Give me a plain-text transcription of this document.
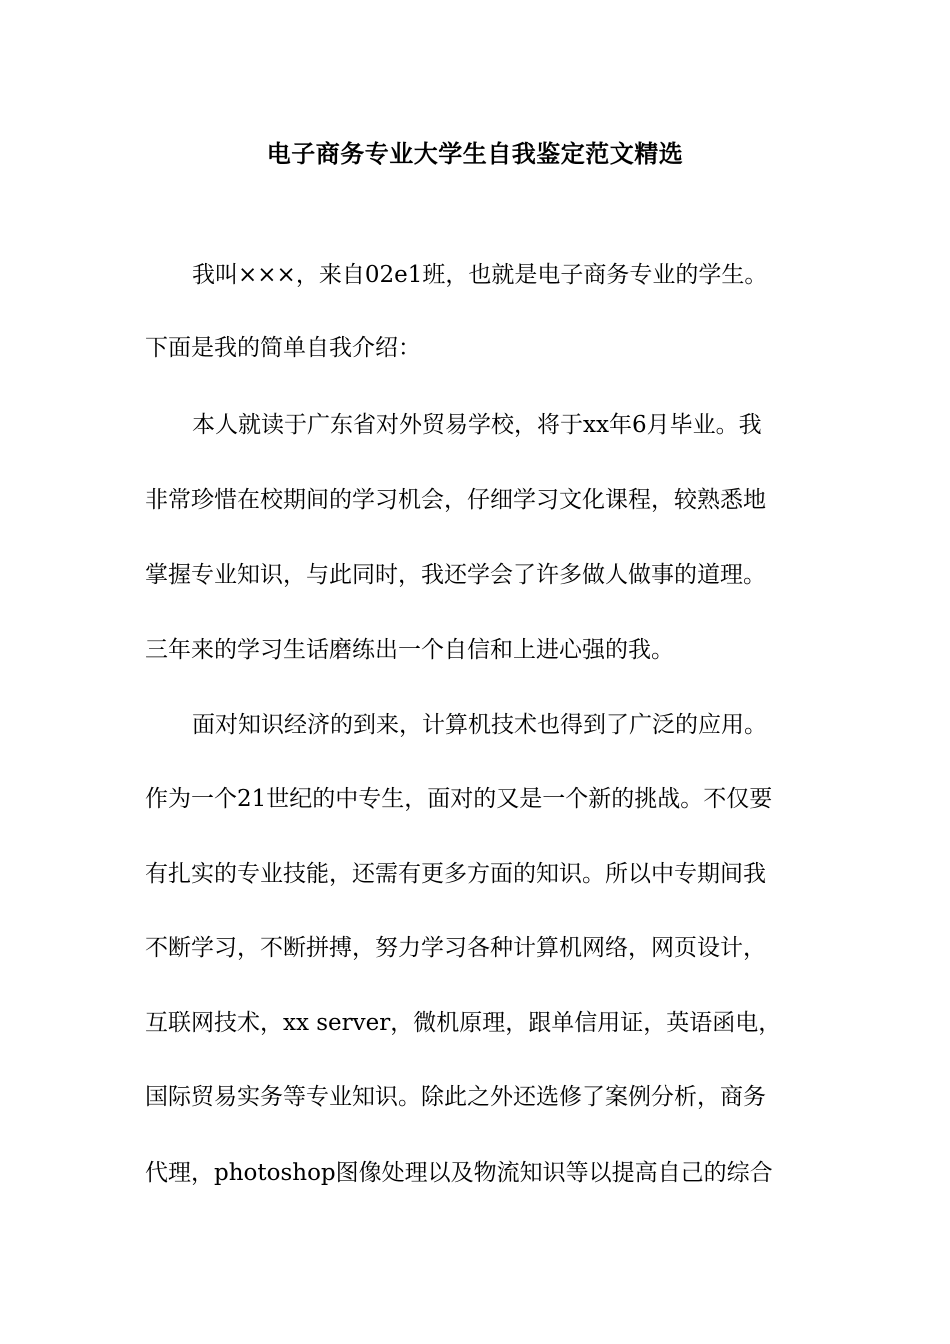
电子商务专业大学生自我鉴定范文精选
我叫×××，来自02e1班，也就是电子商务专业的学生。
下面是我的简单自我介绍：
本人就读于广东省对外贸易学校，将于xx年6月毕业。我
非常珍惜在校期间的学习机会，仔细学习文化课程，较熟悉地
掌握专业知识，与此同时，我还学会了许多做人做事的道理。
三年来的学习生话磨练出一个自信和上进心强的我。
面对知识经济的到来，计算机技术也得到了广泛的应用。
作为一个21世纪的中专生，面对的又是一个新的挑战。不仅要
有扎实的专业技能，还需有更多方面的知识。所以中专期间我
不断学习，不断拼搏，努力学习各种计算机网络，网页设计，
互联网技术，xx server，微机原理，跟单信用证，英语函电，
国际贸易实务等专业知识。除此之外还选修了案例分析，商务
代理，photoshop图像处理以及物流知识等以提高自己的综合
